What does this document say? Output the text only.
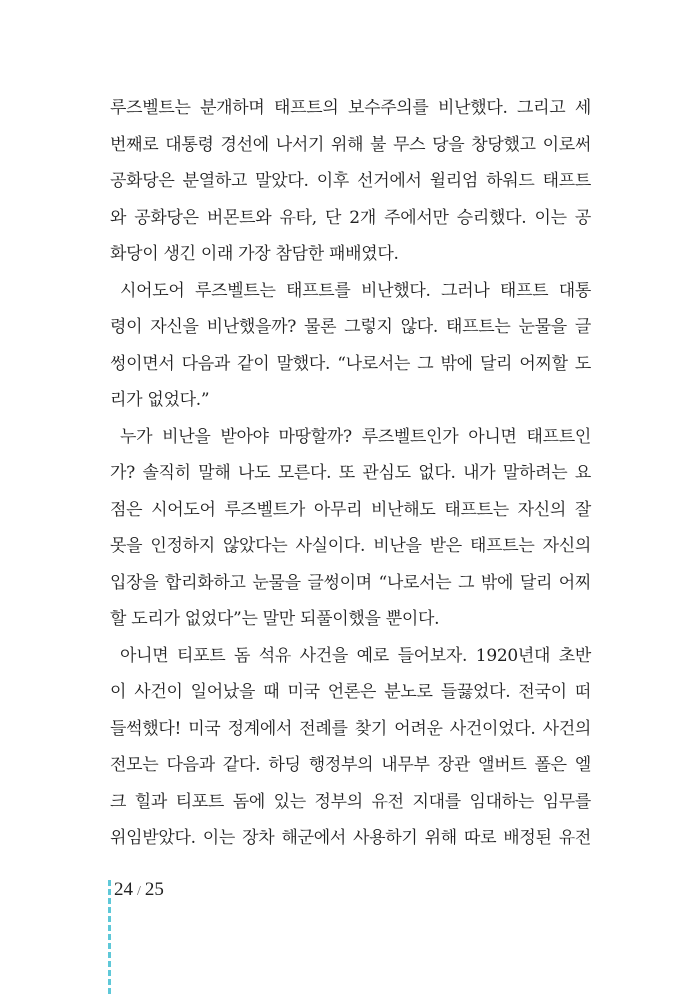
루즈벨트는 분개하며 태프트의 보수주의를 비난했다. 그리고 세
번째로 대통령 경선에 나서기 위해 불 무스 당을 창당했고 이로써
공화당은 분열하고 말았다. 이후 선거에서 윌리엄 하워드 태프트
와 공화당은 버몬트와 유타, 단 2개 주에서만 승리했다. 이는 공
화당이 생긴 이래 가장 참담한 패배였다.
시어도어 루즈벨트는 태프트를 비난했다. 그러나 태프트 대통
령이 자신을 비난했을까? 물론 그렇지 않다. 태프트는 눈물을 글
썽이면서 다음과 같이 말했다. “나로서는 그 밖에 달리 어찌할 도
리가 없었다.”
누가 비난을 받아야 마땅할까? 루즈벨트인가 아니면 태프트인
가? 솔직히 말해 나도 모른다. 또 관심도 없다. 내가 말하려는 요
점은 시어도어 루즈벨트가 아무리 비난해도 태프트는 자신의 잘
못을 인정하지 않았다는 사실이다. 비난을 받은 태프트는 자신의
입장을 합리화하고 눈물을 글썽이며 “나로서는 그 밖에 달리 어찌
할 도리가 없었다”는 말만 되풀이했을 뿐이다.
아니면 티포트 돔 석유 사건을 예로 들어보자. 1920년대 초반
이 사건이 일어났을 때 미국 언론은 분노로 들끓었다. 전국이 떠
들썩했다! 미국 정계에서 전례를 찾기 어려운 사건이었다. 사건의
전모는 다음과 같다. 하딩 행정부의 내무부 장관 앨버트 폴은 엘
크 힐과 티포트 돔에 있는 정부의 유전 지대를 임대하는 임무를
위임받았다. 이는 장차 해군에서 사용하기 위해 따로 배정된 유전
24 / 25
